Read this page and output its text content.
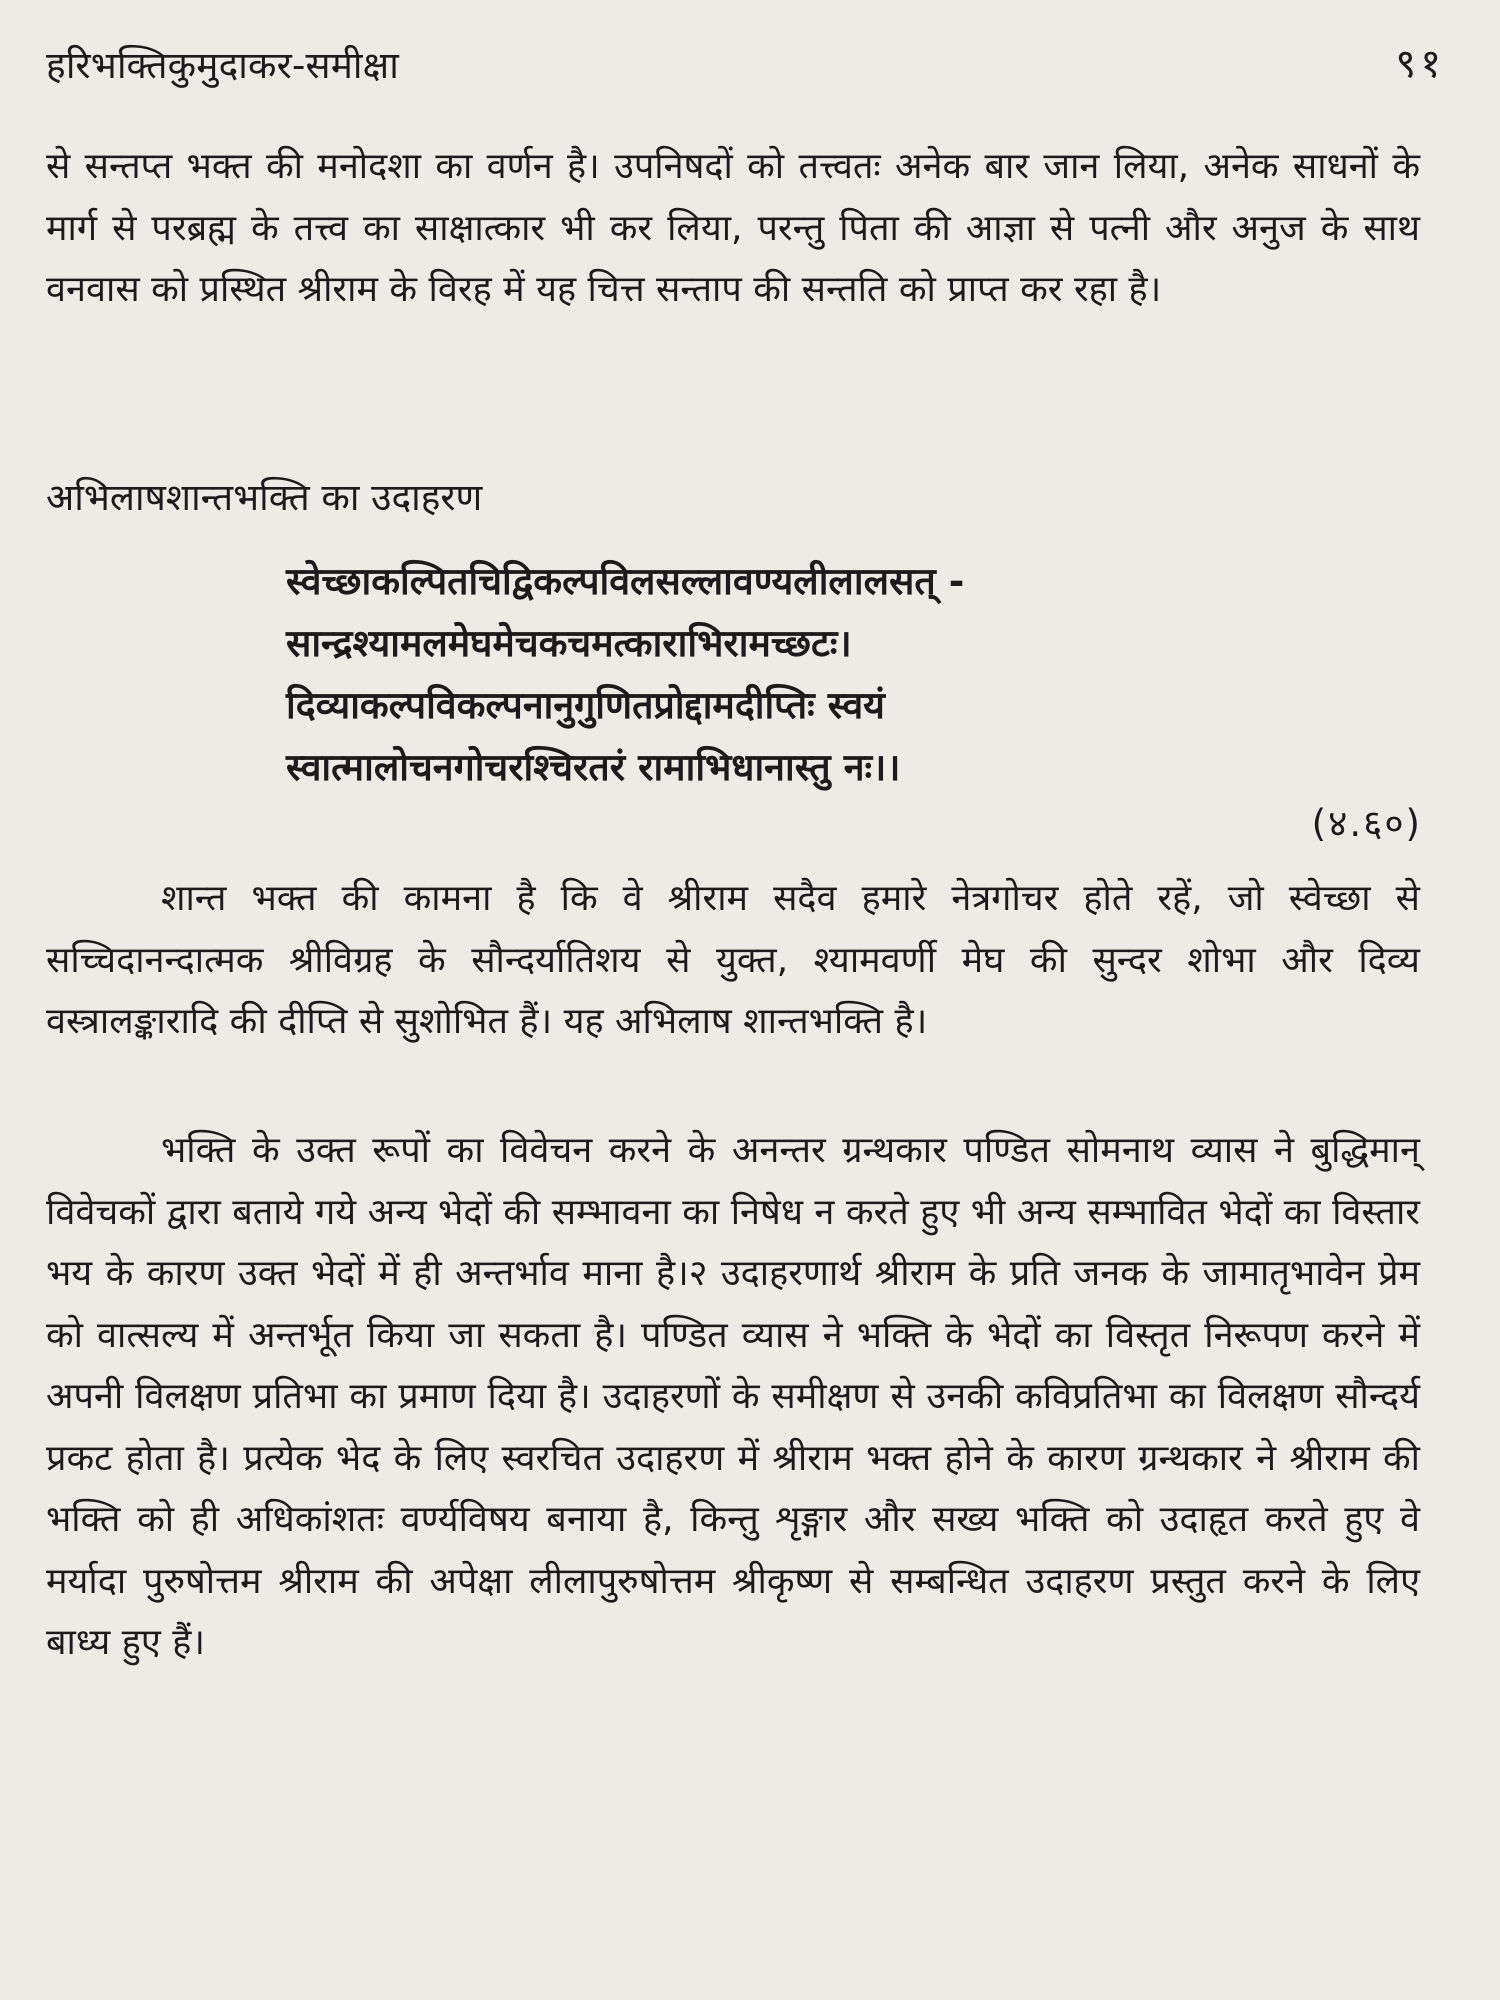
हरिभक्तिकुमुदाकर-समीक्षा	९१

से सन्तप्त भक्त की मनोदशा का वर्णन है। उपनिषदों को तत्त्वतः अनेक बार जान लिया, अनेक साधनों के मार्ग से परब्रह्म के तत्त्व का साक्षात्कार भी कर लिया, परन्तु पिता की आज्ञा से पत्नी और अनुज के साथ वनवास को प्रस्थित श्रीराम के विरह में यह चित्त सन्ताप की सन्तति को प्राप्त कर रहा है।

अभिलाषशान्तभक्ति का उदाहरण

स्वेच्छाकल्पितचिद्विकल्पविलसल्लावण्यलीलालसत् -
सान्द्रश्यामलमेघमेचकचमत्काराभिरामच्छटः।
दिव्याकल्पविकल्पनानुगुणितप्रोद्दामदीप्तिः स्वयं
स्वात्मालोचनगोचरश्चिरतरं रामाभिधानास्तु नः।।
(४.६०)

शान्त भक्त की कामना है कि वे श्रीराम सदैव हमारे नेत्रगोचर होते रहें, जो स्वेच्छा से सच्चिदानन्दात्मक श्रीविग्रह के सौन्दर्यातिशय से युक्त, श्यामवर्णी मेघ की सुन्दर शोभा और दिव्य वस्त्रालङ्कारादि की दीप्ति से सुशोभित हैं। यह अभिलाष शान्तभक्ति है।

भक्ति के उक्त रूपों का विवेचन करने के अनन्तर ग्रन्थकार पण्डित सोमनाथ व्यास ने बुद्धिमान् विवेचकों द्वारा बताये गये अन्य भेदों की सम्भावना का निषेध न करते हुए भी अन्य सम्भावित भेदों का विस्तार भय के कारण उक्त भेदों में ही अन्तर्भाव माना है।२ उदाहरणार्थ श्रीराम के प्रति जनक के जामातृभावेन प्रेम को वात्सल्य में अन्तर्भूत किया जा सकता है। पण्डित व्यास ने भक्ति के भेदों का विस्तृत निरूपण करने में अपनी विलक्षण प्रतिभा का प्रमाण दिया है। उदाहरणों के समीक्षण से उनकी कविप्रतिभा का विलक्षण सौन्दर्य प्रकट होता है। प्रत्येक भेद के लिए स्वरचित उदाहरण में श्रीराम भक्त होने के कारण ग्रन्थकार ने श्रीराम की भक्ति को ही अधिकांशतः वर्ण्यविषय बनाया है, किन्तु शृङ्गार और सख्य भक्ति को उदाहृत करते हुए वे मर्यादा पुरुषोत्तम श्रीराम की अपेक्षा लीलापुरुषोत्तम श्रीकृष्ण से सम्बन्धित उदाहरण प्रस्तुत करने के लिए बाध्य हुए हैं।
